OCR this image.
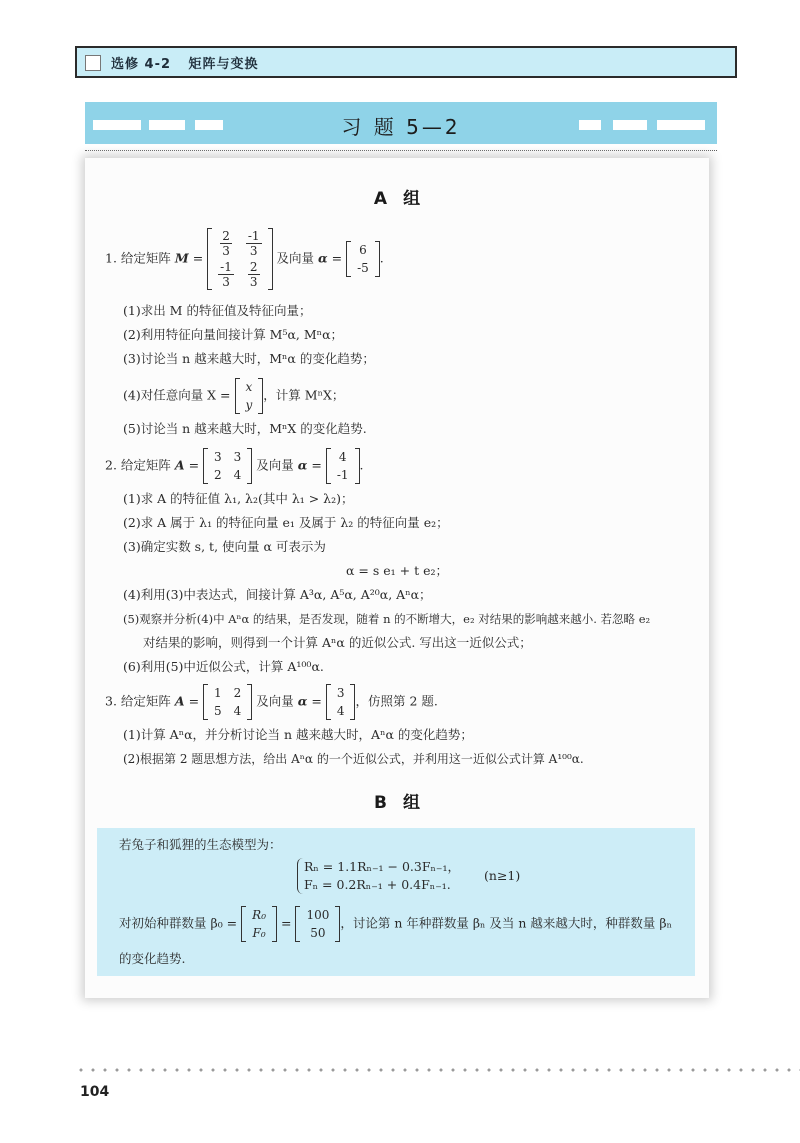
选修 4-2 矩阵与变换
习 题 5—2
A 组
1. 给定矩阵 $M = \frac{2}{3}$	$\frac{-1}{3}$

$\frac{-1}{3}$	$\frac{2}{3}$
及向量 α =
6
-5
.
(1)求出 M 的特征值及特征向量；
(2)利用特征向量间接计算 M⁵α, Mⁿα；
(3)讨论当 n 越来越大时，Mⁿα 的变化趋势；
(4)对任意向量 X =
x
y
，计算 MⁿX；
(5)讨论当 n 越来越大时，MⁿX 的变化趋势.
2. 给定矩阵 A =
3	3
2	4
及向量 α =
4
-1
.
(1)求 A 的特征值 λ₁, λ₂(其中 λ₁ > λ₂)；
(2)求 A 属于 λ₁ 的特征向量 e₁ 及属于 λ₂ 的特征向量 e₂；
(3)确定实数 s, t, 使向量 α 可表示为
α = s e₁ + t e₂；
(4)利用(3)中表达式，间接计算 A³α, A⁵α, A²⁰α, Aⁿα；
(5)观察并分析(4)中 Aⁿα 的结果，是否发现，随着 n 的不断增大，e₂ 对结果的影响越来越小. 若忽略 e₂
对结果的影响，则得到一个计算 Aⁿα 的近似公式. 写出这一近似公式；
(6)利用(5)中近似公式，计算 A¹⁰⁰α.
3. 给定矩阵 A =
1	2
5	4
及向量 α =
3
4
，仿照第 2 题.
(1)计算 Aⁿα，并分析讨论当 n 越来越大时，Aⁿα 的变化趋势；
(2)根据第 2 题思想方法，给出 Aⁿα 的一个近似公式，并利用这一近似公式计算 A¹⁰⁰α.
B 组
若兔子和狐狸的生态模型为：
Rₙ = 1.1Rₙ₋₁ − 0.3Fₙ₋₁，
Fₙ = 0.2Rₙ₋₁ + 0.4Fₙ₋₁.
(n≥1)
对初始种群数量 β₀ =
R₀
F₀
=
100
50
，讨论第 n 年种群数量 βₙ 及当 n 越来越大时，种群数量 βₙ
的变化趋势.
104
